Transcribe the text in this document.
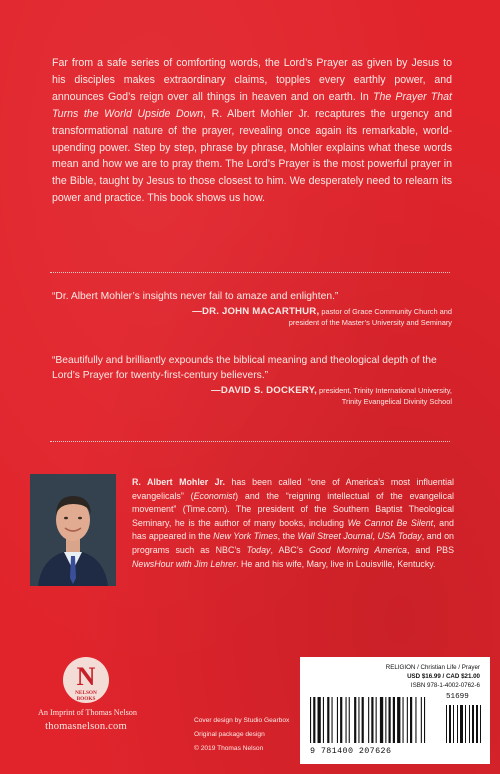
Far from a safe series of comforting words, the Lord’s Prayer as given by Jesus to his disciples makes extraordinary claims, topples every earthly power, and announces God’s reign over all things in heaven and on earth. In The Prayer That Turns the World Upside Down, R. Albert Mohler Jr. recaptures the urgency and transformational nature of the prayer, revealing once again its remarkable, world-upending power. Step by step, phrase by phrase, Mohler explains what these words mean and how we are to pray them. The Lord’s Prayer is the most powerful prayer in the Bible, taught by Jesus to those closest to him. We desperately need to relearn its power and practice. This book shows us how.
“Dr. Albert Mohler’s insights never fail to amaze and enlighten.”
—DR. JOHN MACARTHUR, pastor of Grace Community Church and
president of the Master’s University and Seminary
“Beautifully and brilliantly expounds the biblical meaning and theological depth of the Lord’s Prayer for twenty-first-century believers.”
—DAVID S. DOCKERY, president, Trinity International University,
Trinity Evangelical Divinity School
R. Albert Mohler Jr. has been called “one of America’s most influential evangelicals” (Economist) and the “reigning intellectual of the evangelical movement” (Time.com). The president of the Southern Baptist Theological Seminary, he is the author of many books, including We Cannot Be Silent, and has appeared in the New York Times, the Wall Street Journal, USA Today, and on programs such as NBC’s Today, ABC’s Good Morning America, and PBS NewsHour with Jim Lehrer. He and his wife, Mary, live in Louisville, Kentucky.
N
NELSON
BOOKS
An Imprint of Thomas Nelson
thomasnelson.com
Cover design by Studio Gearbox
Original package design
© 2019 Thomas Nelson
RELIGION / Christian Life / Prayer
USD $16.99 / CAD $21.00
ISBN 978-1-4002-0762-6
51699
9 781400 207626
